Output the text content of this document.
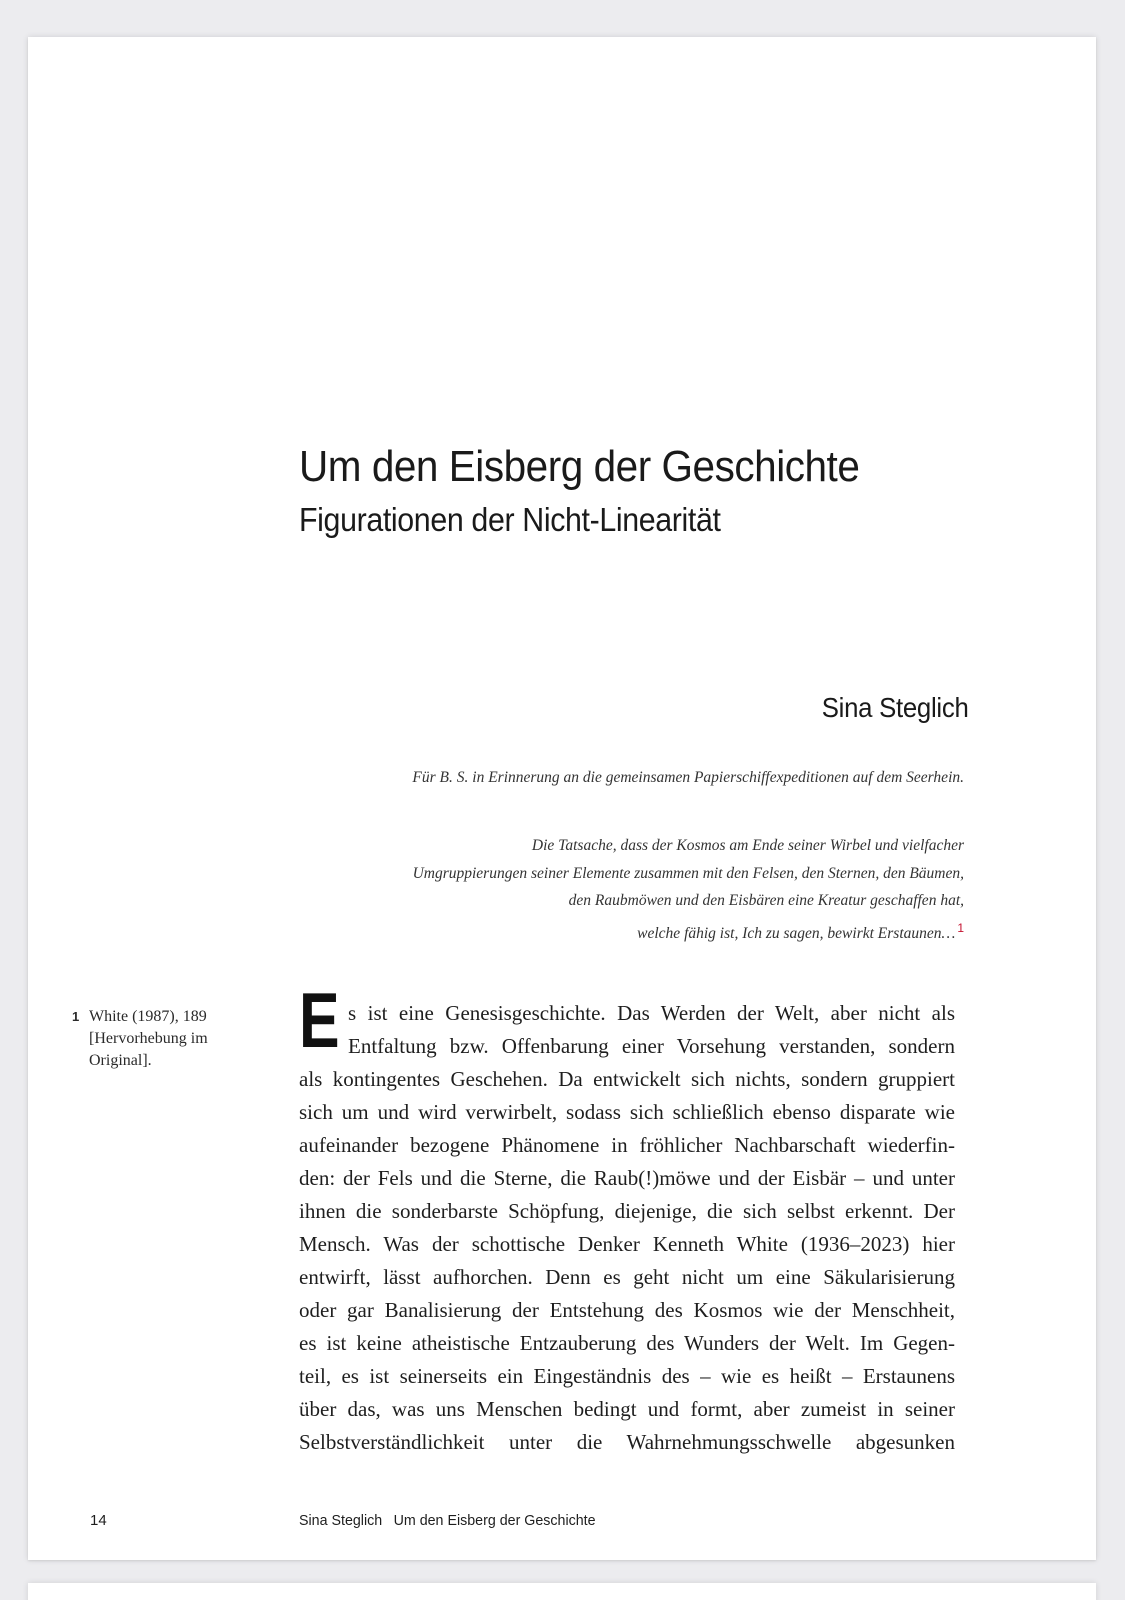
Um den Eisberg der Geschichte
Figurationen der Nicht-Linearität
Sina Steglich
Für B. S. in Erinnerung an die gemeinsamen Papierschiffexpeditionen auf dem Seerhein.
Die Tatsache, dass der Kosmos am Ende seiner Wirbel und vielfacher
Umgruppierungen seiner Elemente zusammen mit den Felsen, den Sternen, den Bäumen,
den Raubmöwen und den Eisbären eine Kreatur geschaffen hat,
welche fähig ist, Ich zu sagen, bewirkt Erstaunen… $^1$
1 White (1987), 189 [Hervorhebung im Original].	E s ist eine Genesisgeschichte. Das Werden der Welt, aber nicht als
Entfaltung bzw. Offenbarung einer Vorsehung verstanden, sondern
als kontingentes Geschehen. Da entwickelt sich nichts, sondern gruppiert
sich um und wird verwirbelt, sodass sich schließlich ebenso disparate wie
aufeinander bezogene Phänomene in fröhlicher Nachbarschaft wiederfin-
den: der Fels und die Sterne, die Raub(!)möwe und der Eisbär – und unter
ihnen die sonderbarste Schöpfung, diejenige, die sich selbst erkennt. Der
Mensch. Was der schottische Denker Kenneth White (1936–2023) hier
entwirft, lässt aufhorchen. Denn es geht nicht um eine Säkularisierung
oder gar Banalisierung der Entstehung des Kosmos wie der Menschheit,
es ist keine atheistische Entzauberung des Wunders der Welt. Im Gegen-
teil, es ist seinerseits ein Eingeständnis des – wie es heißt – Erstaunens
über das, was uns Menschen bedingt und formt, aber zumeist in seiner
Selbstverständlichkeit unter die Wahrnehmungsschwelle abgesunken
14	Sina Steglich Um den Eisberg der Geschichte
